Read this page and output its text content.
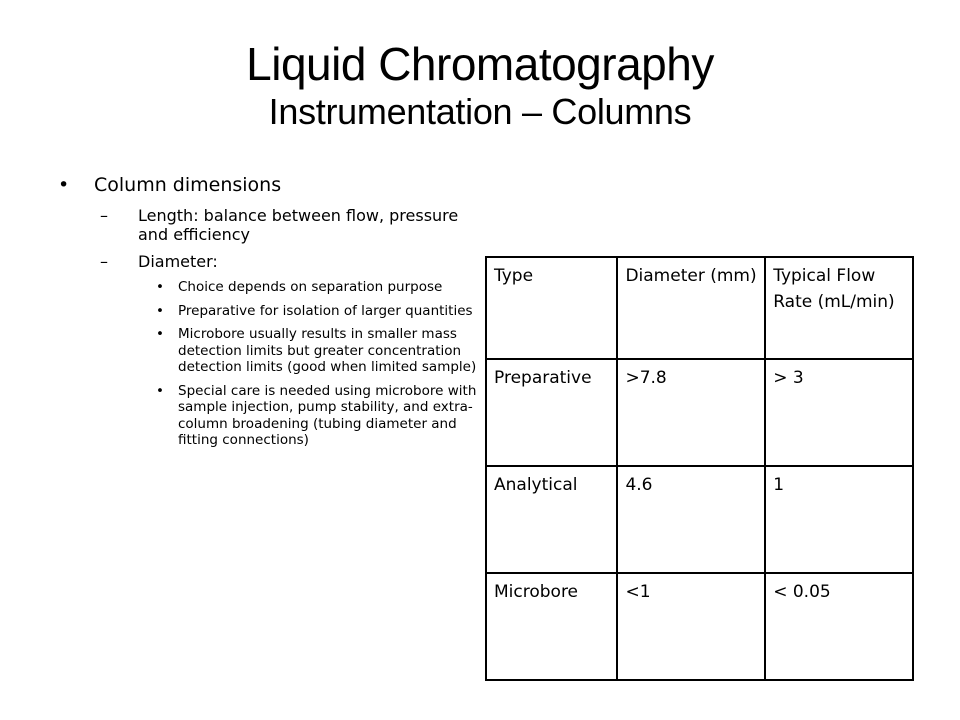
Liquid Chromatography
Instrumentation – Columns
• Column dimensions
– Length: balance between flow, pressure and efficiency
– Diameter:
• Choice depends on separation purpose
• Preparative for isolation of larger quantities
• Microbore usually results in smaller mass detection limits but greater concentration detection limits (good when limited sample)
• Special care is needed using microbore with sample injection, pump stability, and extra-column broadening (tubing diameter and fitting connections)
Type	Diameter (mm)	Typical Flow Rate (mL/min)
Preparative	>7.8	> 3
Analytical	4.6	1
Microbore	<1	< 0.05
